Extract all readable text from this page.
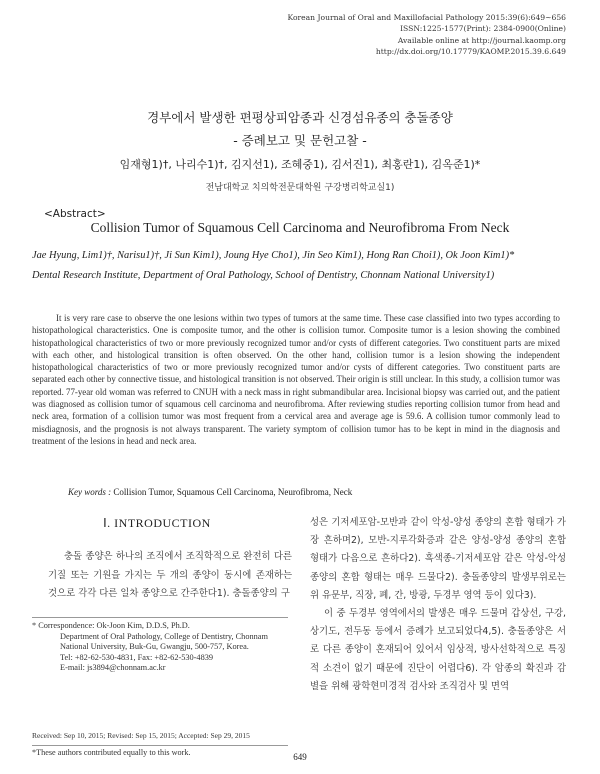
Korean Journal of Oral and Maxillofacial Pathology 2015:39(6):649~656
ISSN:1225-1577(Print): 2384-0900(Online)
Available online at http://journal.kaomp.org
http://dx.doi.org/10.17779/KAOMP.2015.39.6.649
경부에서 발생한 편평상피암종과 신경섬유종의 충돌종양
- 증례보고 및 문헌고찰 -
임재형1)†, 나리수1)†, 김지선1), 조혜중1), 김서진1), 최홍란1), 김옥준1)*
전남대학교 치의학전문대학원 구강병리학교실1)
<Abstract>
Collision Tumor of Squamous Cell Carcinoma and Neurofibroma From Neck
Jae Hyung, Lim1)†, Narisu1)†, Ji Sun Kim1), Joung Hye Cho1), Jin Seo Kim1), Hong Ran Choi1), Ok Joon Kim1)*
Dental Research Institute, Department of Oral Pathology, School of Dentistry, Chonnam National University1)
It is very rare case to observe the one lesions within two types of tumors at the same time. These case classified into two types according to histopathological characteristics. One is composite tumor, and the other is collision tumor. Composite tumor is a lesion showing the combined histopathological characteristics of two or more previously recognized tumor and/or cysts of different categories. Two constituent parts are mixed with each other, and histological transition is often observed. On the other hand, collision tumor is a lesion showing the independent histopathological characteristics of two or more previously recognized tumor and/or cysts of different categories. Two constituent parts are separated each other by connective tissue, and histological transition is not observed. Their origin is still unclear. In this study, a collision tumor was reported. 77-year old woman was referred to CNUH with a neck mass in right submandibular area. Incisional biopsy was carried out, and the patient was diagnosed as collision tumor of squamous cell carcinoma and neurofibroma. After reviewing studies reporting collision tumor from head and neck area, formation of a collision tumor was most frequent from a cervical area and average age is 59.6. A collision tumor commonly lead to misdiagnosis, and the prognosis is not always transparent. The variety symptom of collision tumor has to be kept in mind in the diagnosis and treatment of the lesions in head and neck area.
Key words : Collision Tumor, Squamous Cell Carcinoma, Neurofibroma, Neck
Ⅰ. INTRODUCTION
충돌 종양은 하나의 조직에서 조직학적으로 완전히 다른 기질 또는 기원을 가지는 두 개의 종양이 동시에 존재하는 것으로 각각 다른 일차 종양으로 간주한다1). 충돌종양의 구
성은 기저세포암-모반과 같이 악성-양성 종양의 혼합 형태가 가장 흔하며2), 모반-지루각화증과 같은 양성-양성 종양의 혼합 형태가 다음으로 흔하다2). 흑색종-기저세포암 같은 악성-악성 종양의 혼합 형태는 매우 드물다2). 충돌종양의 발생부위로는 위 유문부, 직장, 폐, 간, 방광, 두경부 영역 등이 있다3).
이 중 두경부 영역에서의 발생은 매우 드물며 갑상선, 구강, 상기도, 전두동 등에서 증례가 보고되었다4,5). 충돌종양은 서로 다른 종양이 혼재되어 있어서 임상적, 방사선학적으로 특징적 소견이 없기 때문에 진단이 어렵다6). 각 암종의 확진과 감별을 위해 광학현미경적 검사와 조직검사 및 면역
* Correspondence: Ok-Joon Kim, D.D.S, Ph.D.
Department of Oral Pathology, College of Dentistry, Chonnam
National University, Buk-Gu, Gwangju, 500-757, Korea.
Tel: +82-62-530-4831, Fax: +82-62-530-4839
E-mail: js3894@chonnam.ac.kr
Received: Sep 10, 2015; Revised: Sep 15, 2015; Accepted: Sep 29, 2015
*These authors contributed equally to this work.	649
